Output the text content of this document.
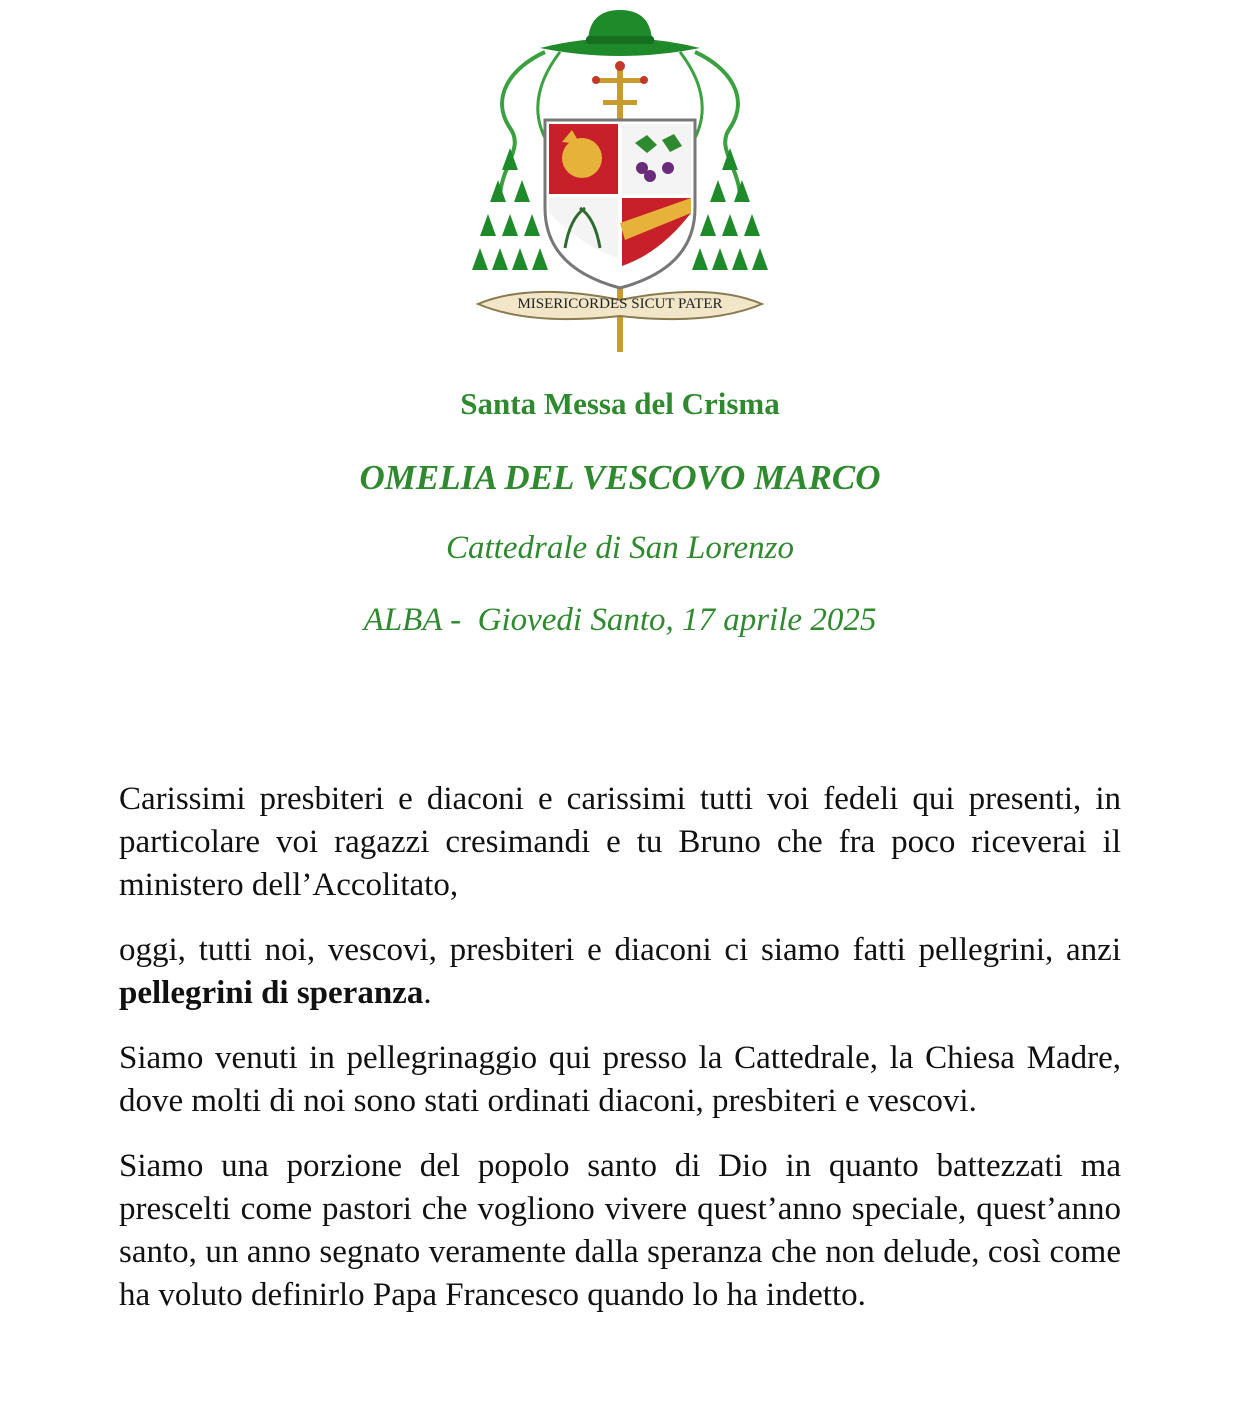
MISERICORDES SICUT PATER
Santa Messa del Crisma
OMELIA DEL VESCOVO MARCO
Cattedrale di San Lorenzo
ALBA -  Giovedi Santo, 17 aprile 2025

Carissimi presbiteri e diaconi e carissimi tutti voi fedeli qui presenti, in particolare voi ragazzi cresimandi e tu Bruno che fra poco riceverai il ministero dell’Accolitato,

oggi, tutti noi, vescovi, presbiteri e diaconi ci siamo fatti pellegrini, anzi pellegrini di speranza.

Siamo venuti in pellegrinaggio qui presso la Cattedrale, la Chiesa Madre, dove molti di noi sono stati ordinati diaconi, presbiteri e vescovi.

Siamo una porzione del popolo santo di Dio in quanto battezzati ma prescelti come pastori che vogliono vivere quest’anno speciale, quest’anno santo, un anno segnato veramente dalla speranza che non delude, così come ha voluto definirlo Papa Francesco quando lo ha indetto.
